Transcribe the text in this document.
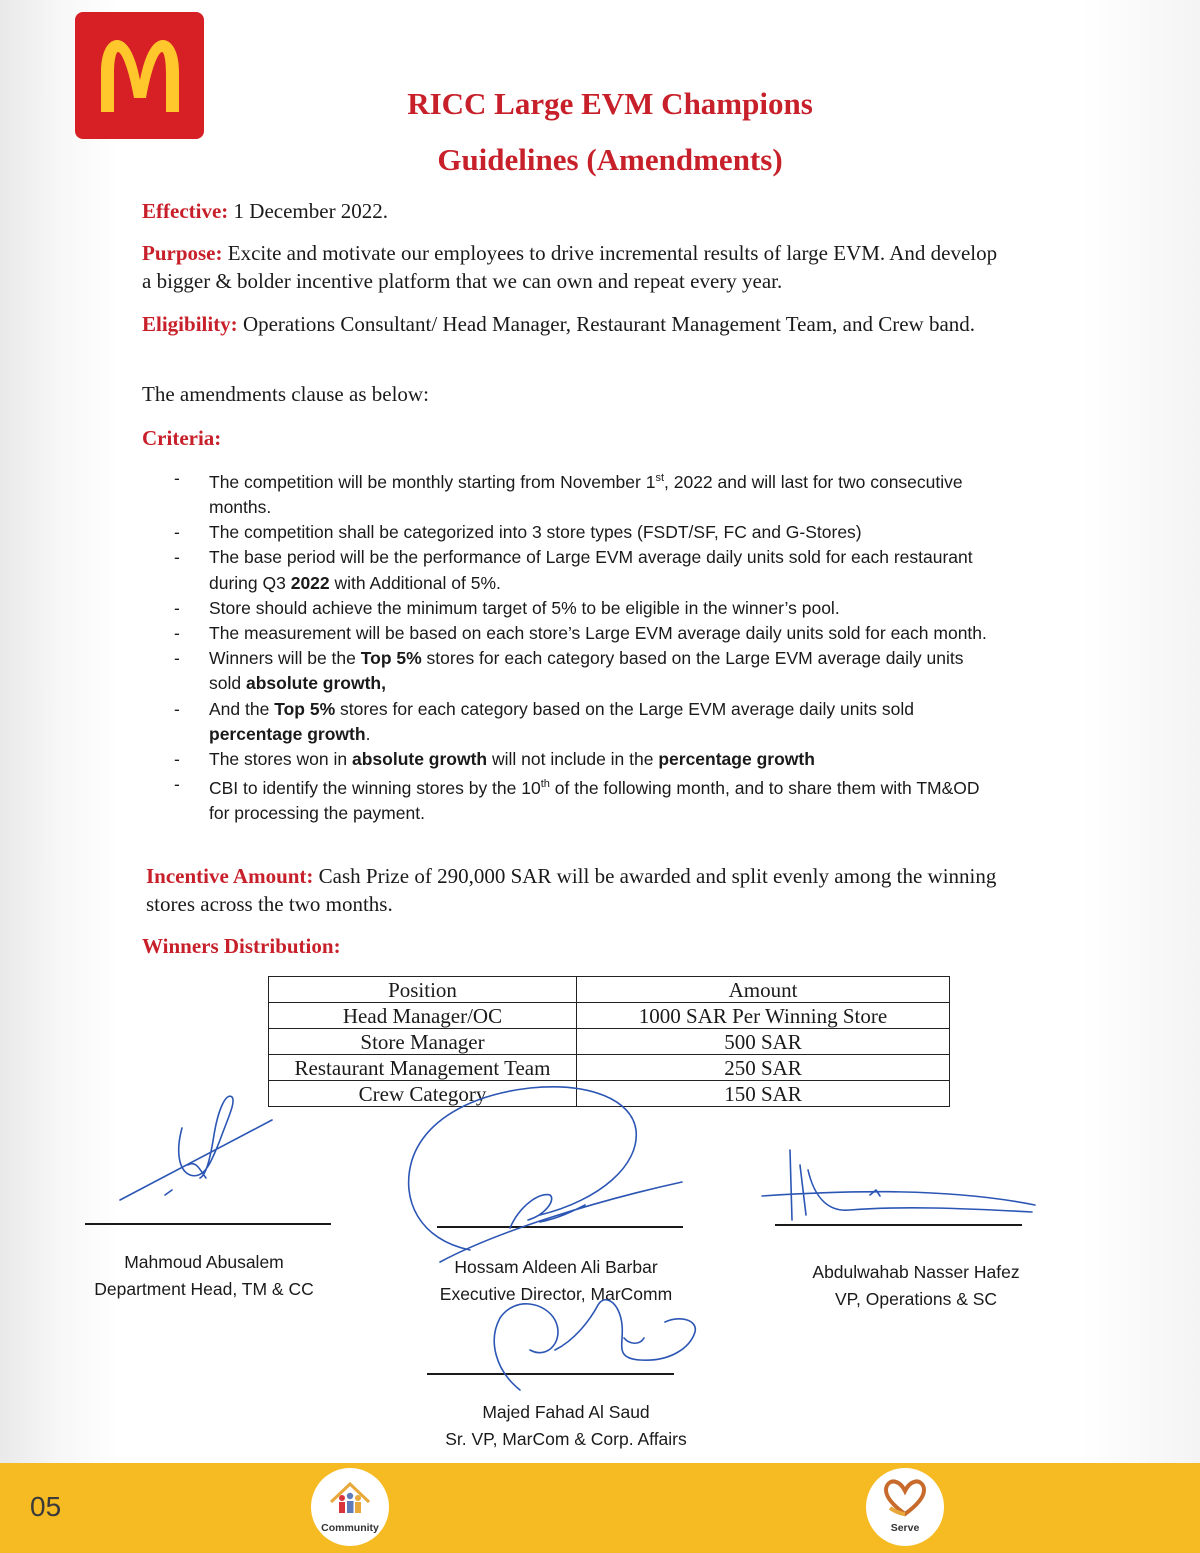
RICC Large EVM Champions
Guidelines (Amendments)

Effective: 1 December 2022.

Purpose: Excite and motivate our employees to drive incremental results of large EVM. And develop a bigger & bolder incentive platform that we can own and repeat every year.

Eligibility: Operations Consultant/ Head Manager, Restaurant Management Team, and Crew band.

The amendments clause as below:

Criteria:

- The competition will be monthly starting from November 1st, 2022 and will last for two consecutive months.
- The competition shall be categorized into 3 store types (FSDT/SF, FC and G-Stores)
- The base period will be the performance of Large EVM average daily units sold for each restaurant during Q3 2022 with Additional of 5%.
- Store should achieve the minimum target of 5% to be eligible in the winner’s pool.
- The measurement will be based on each store’s Large EVM average daily units sold for each month.
- Winners will be the Top 5% stores for each category based on the Large EVM average daily units sold absolute growth,
- And the Top 5% stores for each category based on the Large EVM average daily units sold percentage growth.
- The stores won in absolute growth will not include in the percentage growth
- CBI to identify the winning stores by the 10th of the following month, and to share them with TM&OD for processing the payment.

Incentive Amount: Cash Prize of 290,000 SAR will be awarded and split evenly among the winning stores across the two months.

Winners Distribution:

Position	Amount
Head Manager/OC	1000 SAR Per Winning Store
Store Manager	500 SAR
Restaurant Management Team	250 SAR
Crew Category	150 SAR
Mahmoud Abusalem
Department Head, TM & CC
Hossam Aldeen Ali Barbar
Executive Director, MarComm
Abdulwahab Nasser Hafez
VP, Operations & SC
Majed Fahad Al Saud
Sr. VP, MarCom & Corp. Affairs
05
Community	Serve
